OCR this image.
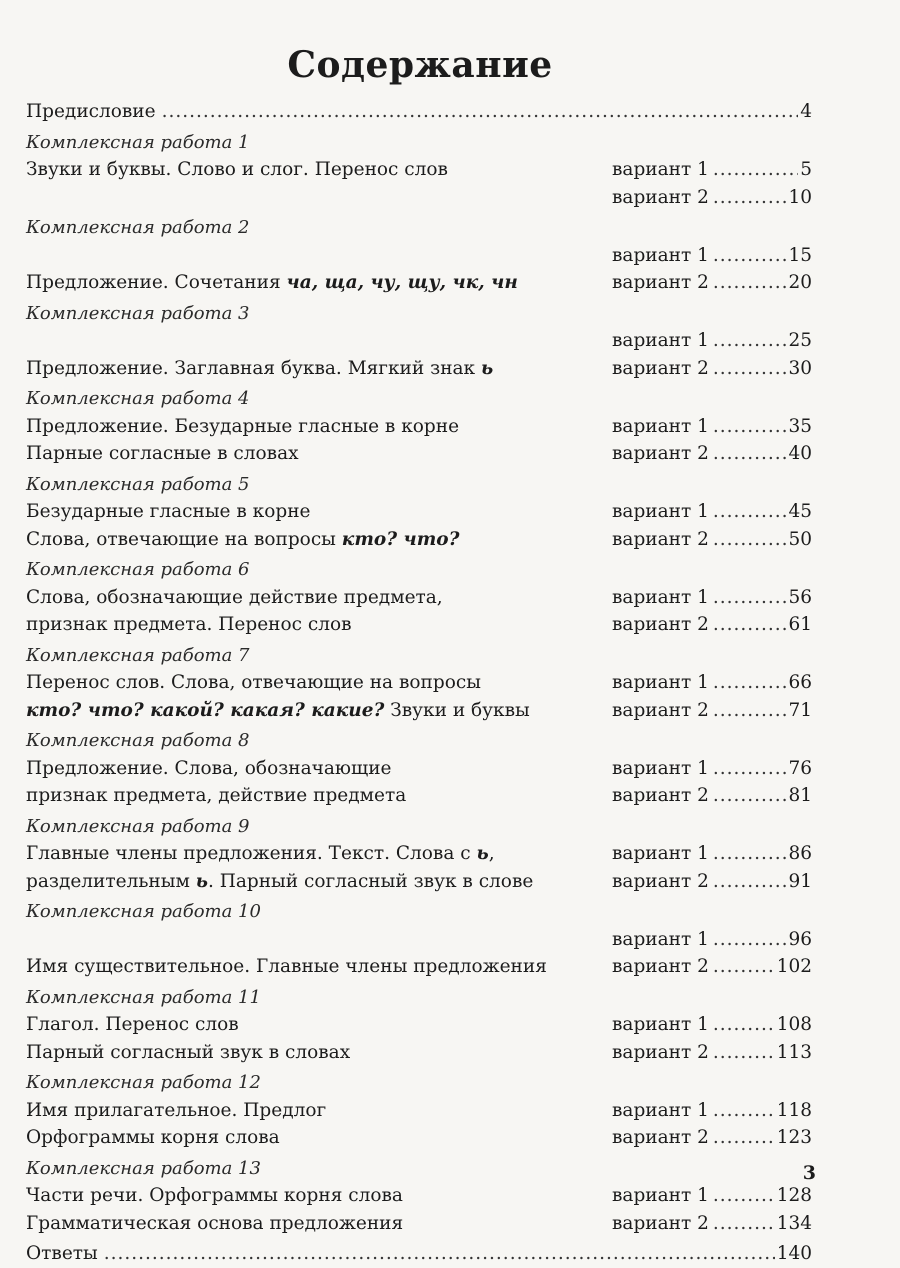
Содержание
Предисловие .....	4
Комплексная работа 1
Звуки и буквы. Слово и слог. Перенос слов	вариант 1 .....	5
вариант 2 .....	10
Комплексная работа 2
вариант 1 .....	15
Предложение. Сочетания ча, ща, чу, щу, чк, чн	вариант 2 .....	20
Комплексная работа 3
вариант 1 .....	25
Предложение. Заглавная буква. Мягкий знак ь	вариант 2 .....	30
Комплексная работа 4
Предложение. Безударные гласные в корне	вариант 1 .....	35
Парные согласные в словах	вариант 2 .....	40
Комплексная работа 5
Безударные гласные в корне	вариант 1 .....	45
Слова, отвечающие на вопросы кто? что?	вариант 2 .....	50
Комплексная работа 6
Слова, обозначающие действие предмета,	вариант 1 .....	56
признак предмета. Перенос слов	вариант 2 .....	61
Комплексная работа 7
Перенос слов. Слова, отвечающие на вопросы	вариант 1 .....	66
кто? что? какой? какая? какие? Звуки и буквы	вариант 2 .....	71
Комплексная работа 8
Предложение. Слова, обозначающие	вариант 1 .....	76
признак предмета, действие предмета	вариант 2 .....	81
Комплексная работа 9
Главные члены предложения. Текст. Слова с ь,	вариант 1 .....	86
разделительным ь. Парный согласный звук в слове	вариант 2 .....	91
Комплексная работа 10
вариант 1 .....	96
Имя существительное. Главные члены предложения	вариант 2 .....	102
Комплексная работа 11
Глагол. Перенос слов	вариант 1 .....	108
Парный согласный звук в словах	вариант 2 .....	113
Комплексная работа 12
Имя прилагательное. Предлог	вариант 1 .....	118
Орфограммы корня слова	вариант 2 .....	123
Комплексная работа 13
Части речи. Орфограммы корня слова	вариант 1 .....	128
Грамматическая основа предложения	вариант 2 .....	134
Ответы .....	140
3
